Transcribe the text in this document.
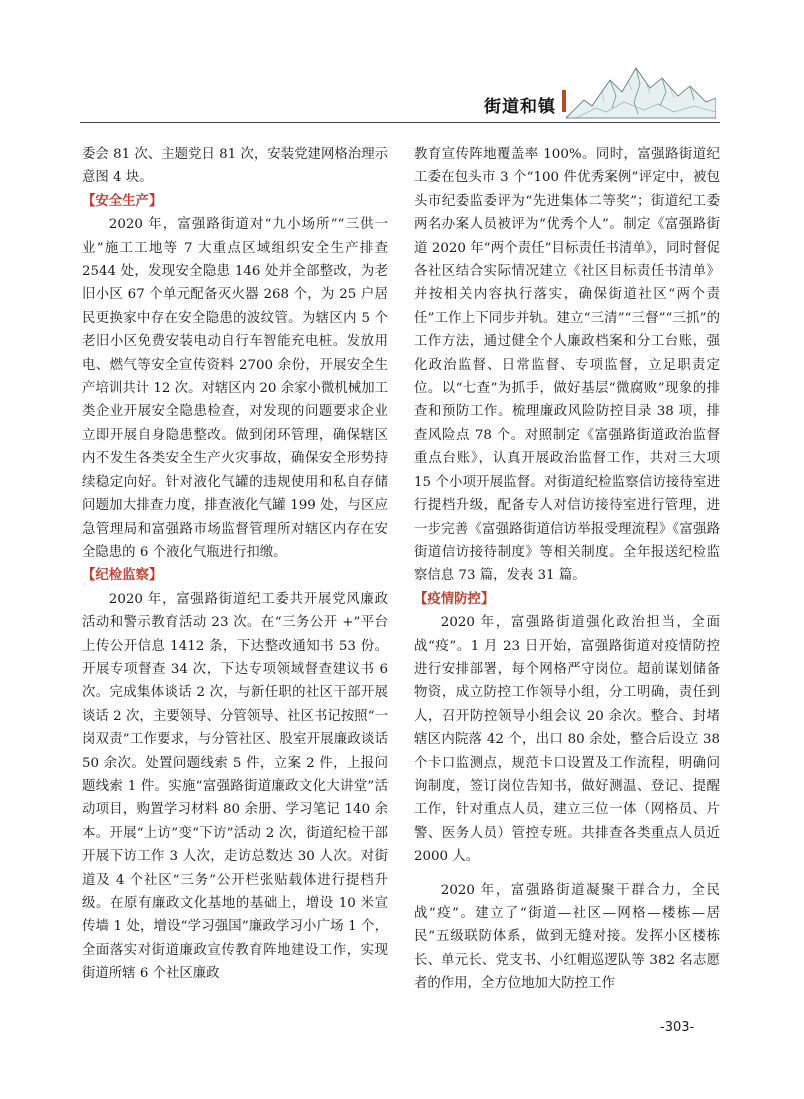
街道和镇

委会 81 次、主题党日 81 次，安装党建网格治理示意图 4 块。

【安全生产】

2020 年，富强路街道对“九小场所”“三供一业”施工工地等 7 大重点区域组织安全生产排查 2544 处，发现安全隐患 146 处并全部整改，为老旧小区 67 个单元配备灭火器 268 个，为 25 户居民更换家中存在安全隐患的波纹管。为辖区内 5 个老旧小区免费安装电动自行车智能充电桩。发放用电、燃气等安全宣传资料 2700 余份，开展安全生产培训共计 12 次。对辖区内 20 余家小微机械加工类企业开展安全隐患检查，对发现的问题要求企业立即开展自身隐患整改。做到闭环管理，确保辖区内不发生各类安全生产火灾事故，确保安全形势持续稳定向好。针对液化气罐的违规使用和私自存储问题加大排查力度，排查液化气罐 199 处，与区应急管理局和富强路市场监督管理所对辖区内存在安全隐患的 6 个液化气瓶进行扣缴。

【纪检监察】

2020 年，富强路街道纪工委共开展党风廉政活动和警示教育活动 23 次。在“三务公开 +”平台上传公开信息 1412 条，下达整改通知书 53 份。开展专项督查 34 次，下达专项领域督查建议书 6 次。完成集体谈话 2 次，与新任职的社区干部开展谈话 2 次，主要领导、分管领导、社区书记按照“一岗双责”工作要求，与分管社区、股室开展廉政谈话 50 余次。处置问题线索 5 件，立案 2 件，上报问题线索 1 件。实施“富强路街道廉政文化大讲堂”活动项目，购置学习材料 80 余册、学习笔记 140 余本。开展“上访”变“下访”活动 2 次，街道纪检干部开展下访工作 3 人次，走访总数达 30 人次。对街道及 4 个社区“三务”公开栏张贴载体进行提档升级。在原有廉政文化基地的基础上，增设 10 米宣传墙 1 处，增设“学习强国”廉政学习小广场 1 个，全面落实对街道廉政宣传教育阵地建设工作，实现街道所辖 6 个社区廉政

教育宣传阵地覆盖率 100%。同时，富强路街道纪工委在包头市 3 个“100 件优秀案例”评定中，被包头市纪委监委评为“先进集体二等奖”；街道纪工委两名办案人员被评为“优秀个人”。制定《富强路街道 2020 年“两个责任”目标责任书清单》，同时督促各社区结合实际情况建立《社区目标责任书清单》并按相关内容执行落实，确保街道社区“两个责任”工作上下同步并轨。建立“三清”“三督”“三抓”的工作方法，通过健全个人廉政档案和分工台账，强化政治监督、日常监督、专项监督，立足职责定位。以“七查”为抓手，做好基层“微腐败”现象的排查和预防工作。梳理廉政风险防控目录 38 项，排查风险点 78 个。对照制定《富强路街道政治监督重点台账》，认真开展政治监督工作，共对三大项 15 个小项开展监督。对街道纪检监察信访接待室进行提档升级，配备专人对信访接待室进行管理，进一步完善《富强路街道信访举报受理流程》《富强路街道信访接待制度》等相关制度。全年报送纪检监察信息 73 篇，发表 31 篇。

【疫情防控】

2020 年，富强路街道强化政治担当，全面战“疫”。1 月 23 日开始，富强路街道对疫情防控进行安排部署，每个网格严守岗位。超前谋划储备物资，成立防控工作领导小组，分工明确，责任到人，召开防控领导小组会议 20 余次。整合、封堵辖区内院落 42 个，出口 80 余处，整合后设立 38 个卡口监测点，规范卡口设置及工作流程，明确问询制度，签订岗位告知书，做好测温、登记、提醒工作，针对重点人员，建立三位一体（网格员、片警、医务人员）管控专班。共排查各类重点人员近 2000 人。

2020 年，富强路街道凝聚干群合力，全民战“疫”。建立了“街道—社区—网格—楼栋—居民”五级联防体系，做到无缝对接。发挥小区楼栋长、单元长、党支书、小红帽巡逻队等 382 名志愿者的作用，全方位地加大防控工作

-303-
